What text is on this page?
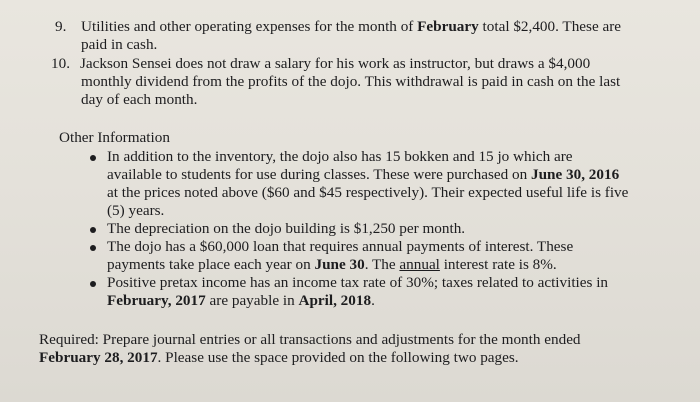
9. Utilities and other operating expenses for the month of February total $2,400. These are
paid in cash.
10. Jackson Sensei does not draw a salary for his work as instructor, but draws a $4,000
monthly dividend from the profits of the dojo. This withdrawal is paid in cash on the last
day of each month.
Other Information
In addition to the inventory, the dojo also has 15 bokken and 15 jo which are
available to students for use during classes. These were purchased on June 30, 2016
at the prices noted above ($60 and $45 respectively). Their expected useful life is five
(5) years.
The depreciation on the dojo building is $1,250 per month.
The dojo has a $60,000 loan that requires annual payments of interest. These
payments take place each year on June 30. The annual interest rate is 8%.
Positive pretax income has an income tax rate of 30%; taxes related to activities in
February, 2017 are payable in April, 2018.
Required: Prepare journal entries or all transactions and adjustments for the month ended
February 28, 2017. Please use the space provided on the following two pages.
